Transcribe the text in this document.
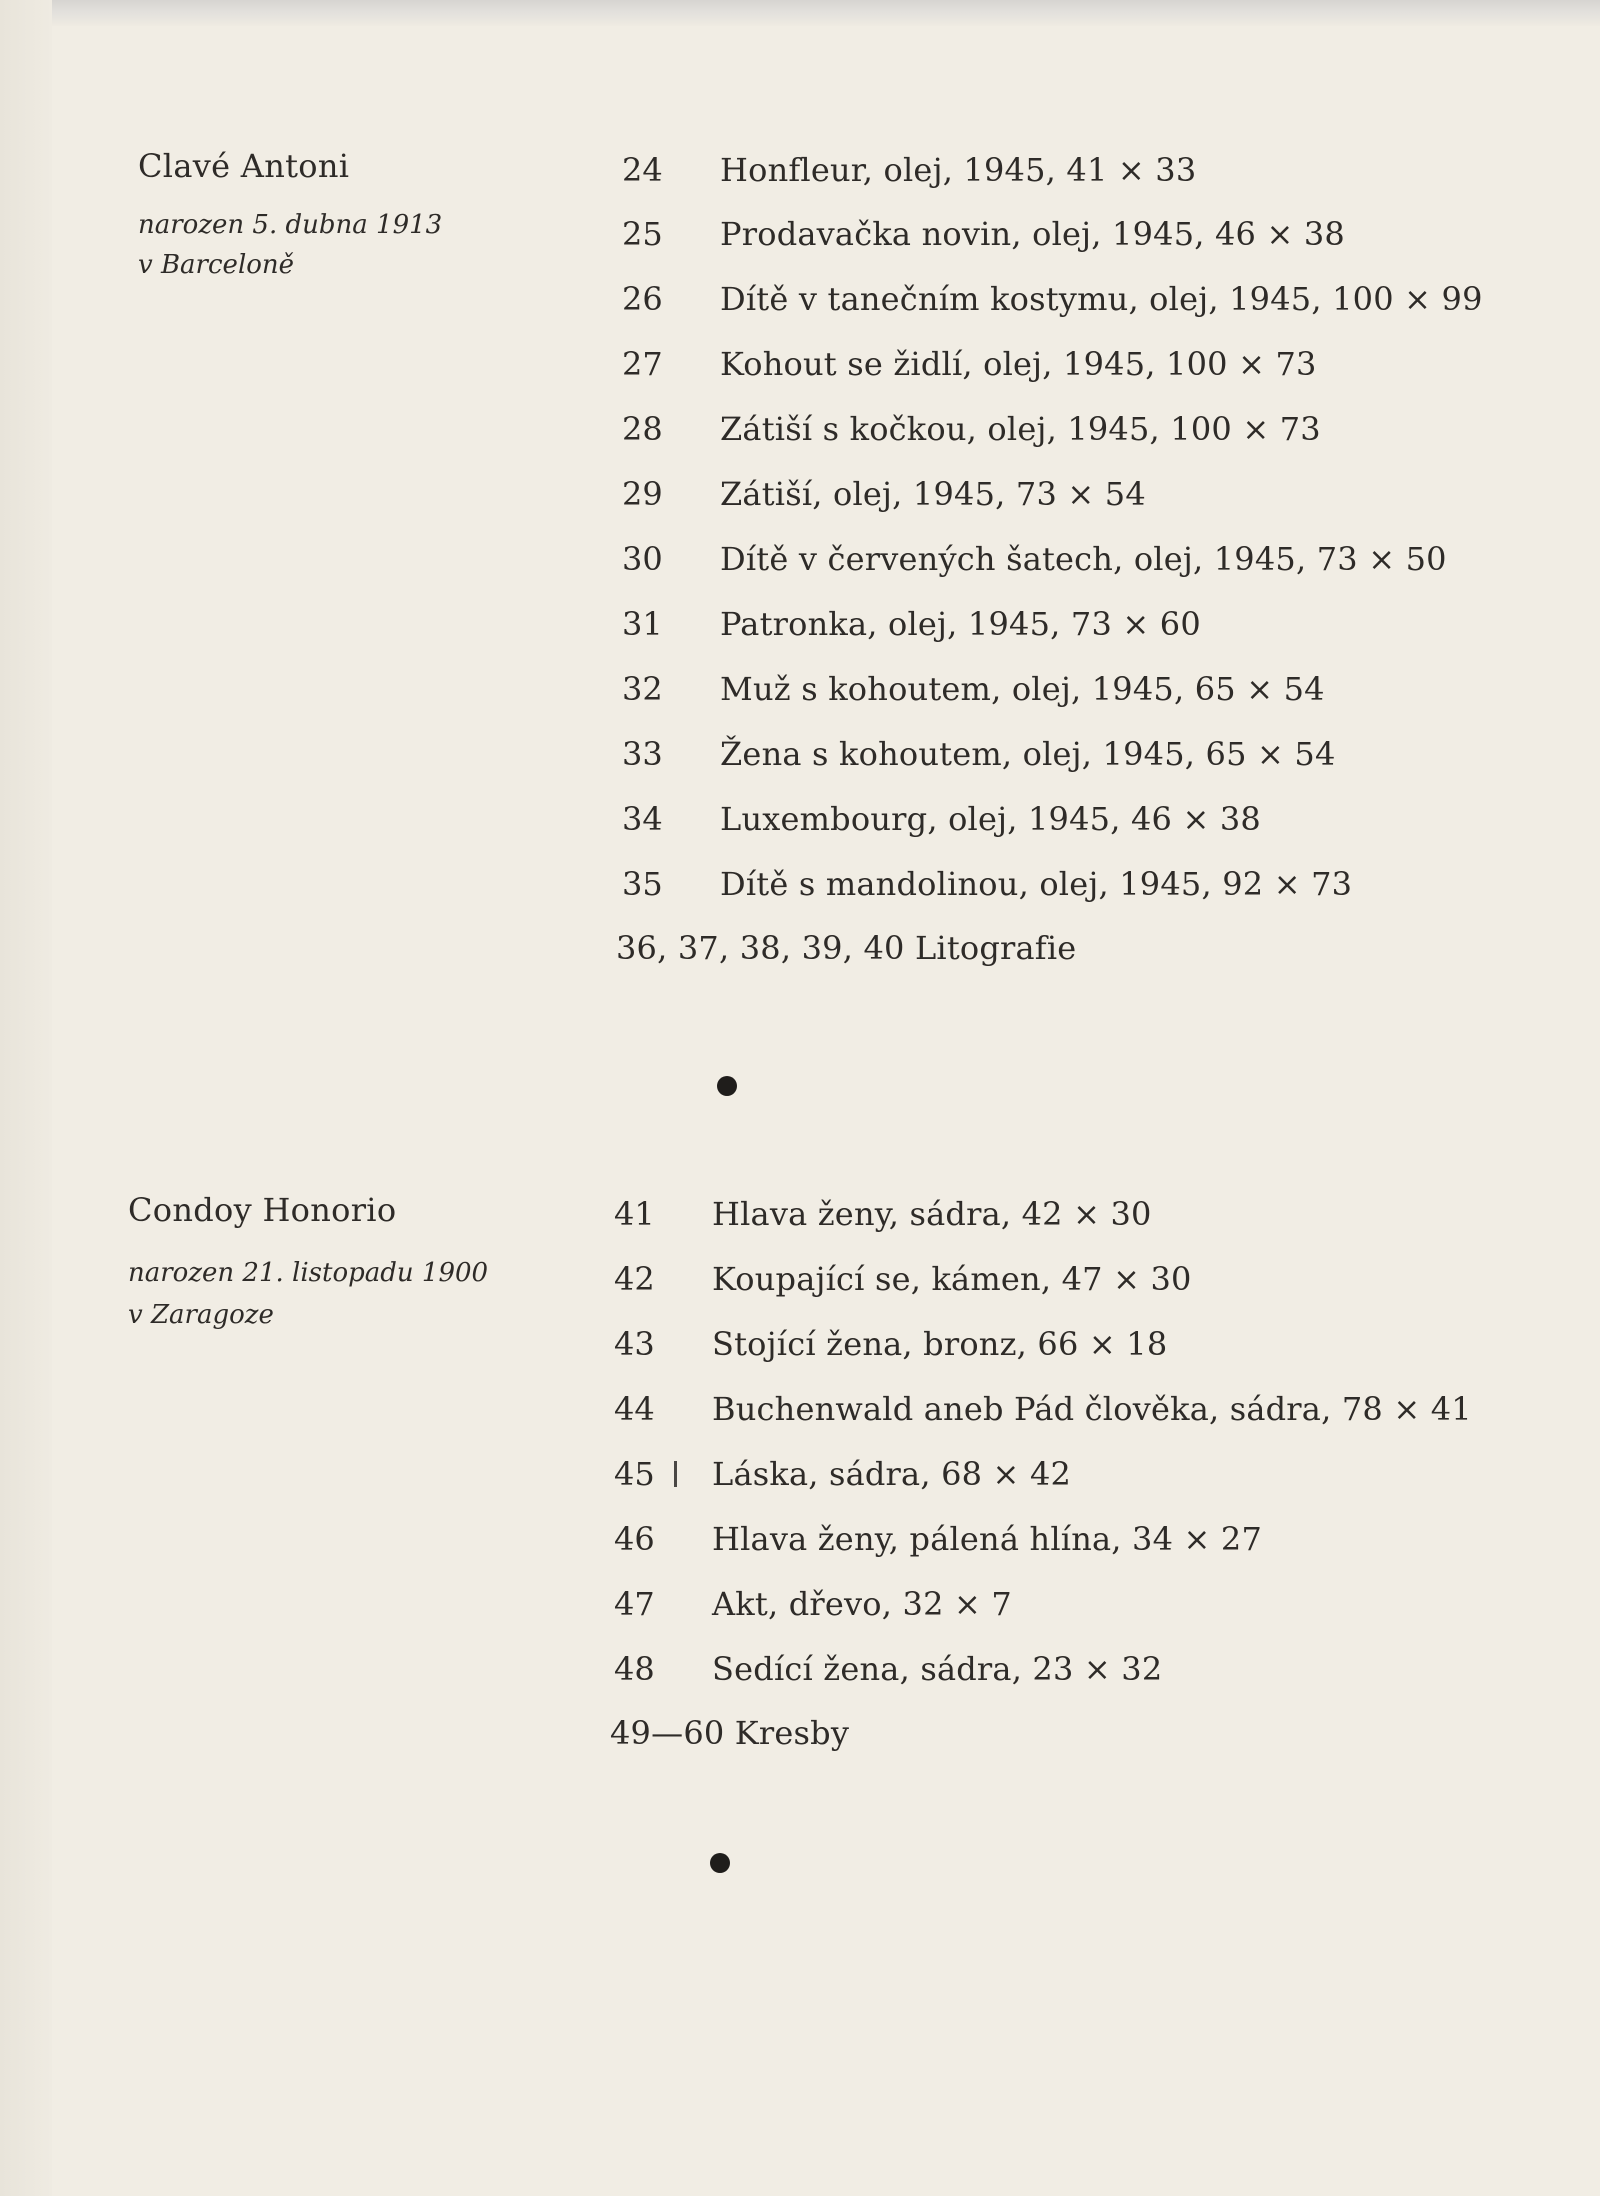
Clavé Antoni
narozen 5. dubna 1913
v Barceloně
24 Honfleur, olej, 1945, 41 × 33
25 Prodavačka novin, olej, 1945, 46 × 38
26 Dítě v tanečním kostymu, olej, 1945, 100 × 99
27 Kohout se židlí, olej, 1945, 100 × 73
28 Zátiší s kočkou, olej, 1945, 100 × 73
29 Zátiší, olej, 1945, 73 × 54
30 Dítě v červených šatech, olej, 1945, 73 × 50
31 Patronka, olej, 1945, 73 × 60
32 Muž s kohoutem, olej, 1945, 65 × 54
33 Žena s kohoutem, olej, 1945, 65 × 54
34 Luxembourg, olej, 1945, 46 × 38
35 Dítě s mandolinou, olej, 1945, 92 × 73
36, 37, 38, 39, 40 Litografie
Condoy Honorio
narozen 21. listopadu 1900
v Zaragoze
41 Hlava ženy, sádra, 42 × 30
42 Koupající se, kámen, 47 × 30
43 Stojící žena, bronz, 66 × 18
44 Buchenwald aneb Pád člověka, sádra, 78 × 41
45 Láska, sádra, 68 × 42
46 Hlava ženy, pálená hlína, 34 × 27
47 Akt, dřevo, 32 × 7
48 Sedící žena, sádra, 23 × 32
49—60 Kresby
